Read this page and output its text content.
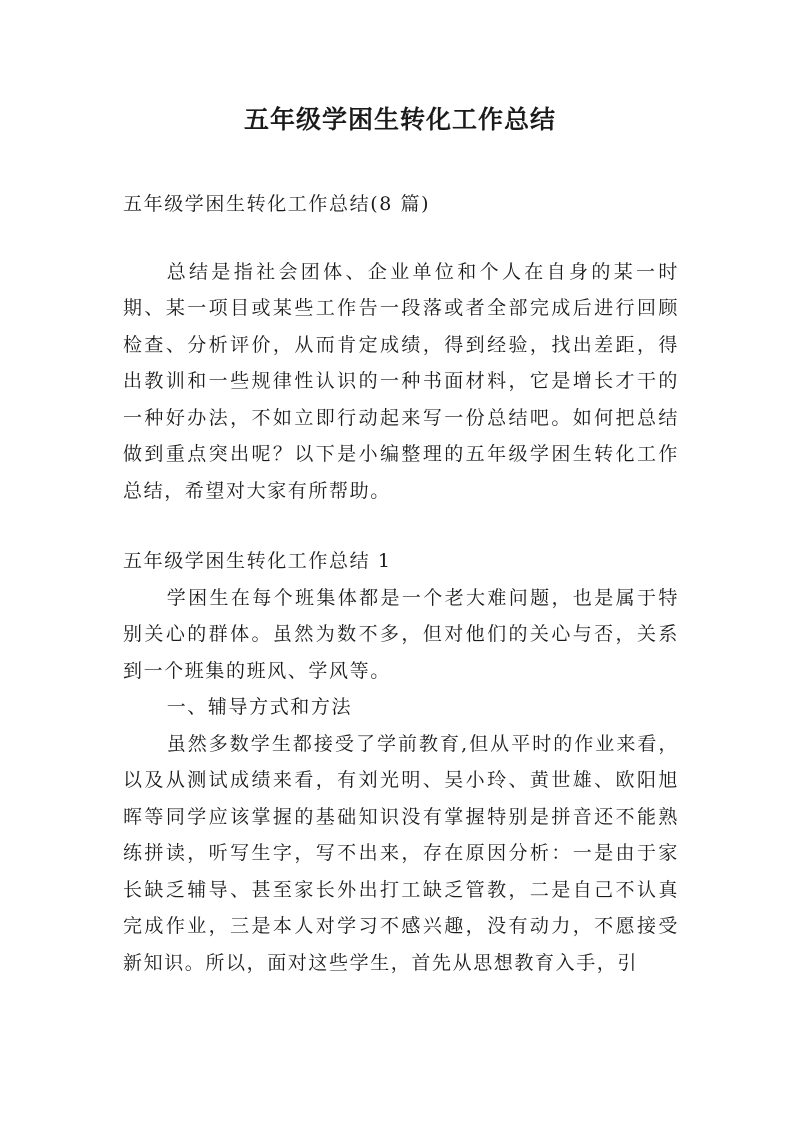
五年级学困生转化工作总结

五年级学困生转化工作总结(8 篇)

总结是指社会团体、企业单位和个人在自身的某一时期、某一项目或某些工作告一段落或者全部完成后进行回顾检查、分析评价，从而肯定成绩，得到经验，找出差距，得出教训和一些规律性认识的一种书面材料，它是增长才干的一种好办法，不如立即行动起来写一份总结吧。如何把总结做到重点突出呢？以下是小编整理的五年级学困生转化工作总结，希望对大家有所帮助。

五年级学困生转化工作总结 1

学困生在每个班集体都是一个老大难问题，也是属于特别关心的群体。虽然为数不多，但对他们的关心与否，关系到一个班集的班风、学风等。

一、辅导方式和方法

虽然多数学生都接受了学前教育,但从平时的作业来看，以及从测试成绩来看，有刘光明、吴小玲、黄世雄、欧阳旭晖等同学应该掌握的基础知识没有掌握特别是拼音还不能熟练拼读，听写生字，写不出来，存在原因分析：一是由于家长缺乏辅导、甚至家长外出打工缺乏管教，二是自己不认真完成作业，三是本人对学习不感兴趣，没有动力，不愿接受新知识。所以，面对这些学生，首先从思想教育入手，引
